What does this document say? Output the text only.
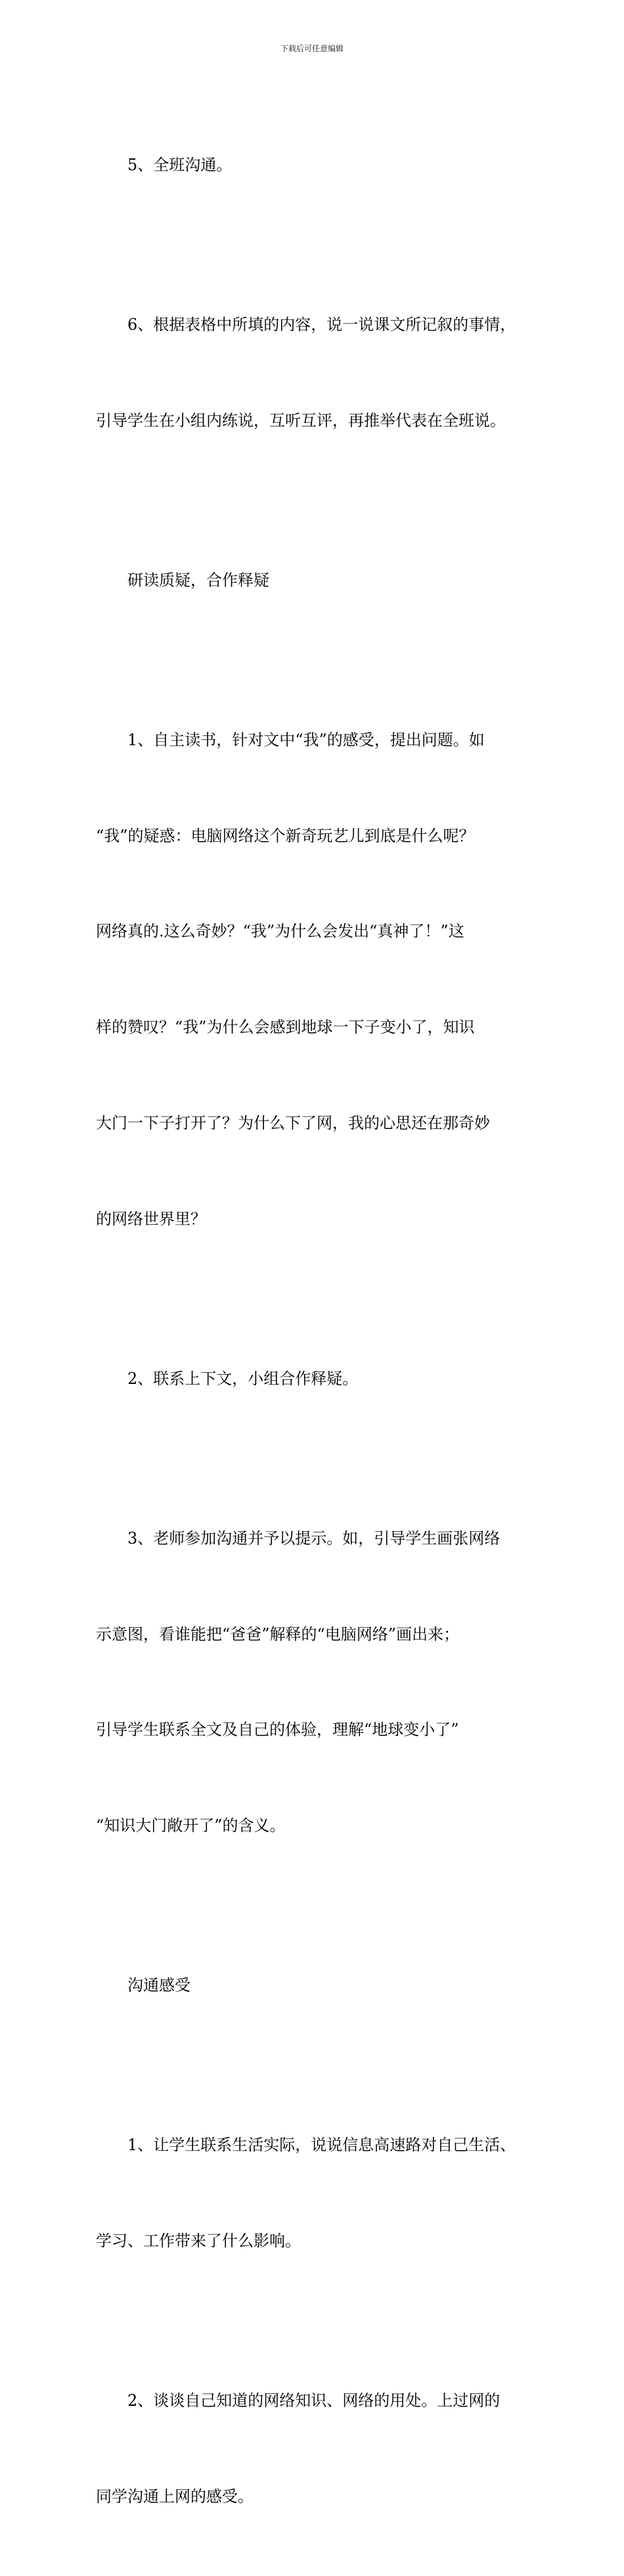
下载后可任意编辑

5、全班沟通。

6、根据表格中所填的内容，说一说课文所记叙的事情，

引导学生在小组内练说，互听互评，再推举代表在全班说。

研读质疑，合作释疑

1、自主读书，针对文中“我”的感受，提出问题。如

“我”的疑惑：电脑网络这个新奇玩艺儿到底是什么呢？

网络真的.这么奇妙？“我”为什么会发出“真神了！”这

样的赞叹？“我”为什么会感到地球一下子变小了，知识

大门一下子打开了？为什么下了网，我的心思还在那奇妙

的网络世界里？

2、联系上下文，小组合作释疑。

3、老师参加沟通并予以提示。如，引导学生画张网络

示意图，看谁能把“爸爸”解释的“电脑网络”画出来；

引导学生联系全文及自己的体验，理解“地球变小了”

“知识大门敞开了”的含义。

沟通感受

1、让学生联系生活实际，说说信息高速路对自己生活、

学习、工作带来了什么影响。

2、谈谈自己知道的网络知识、网络的用处。上过网的

同学沟通上网的感受。
